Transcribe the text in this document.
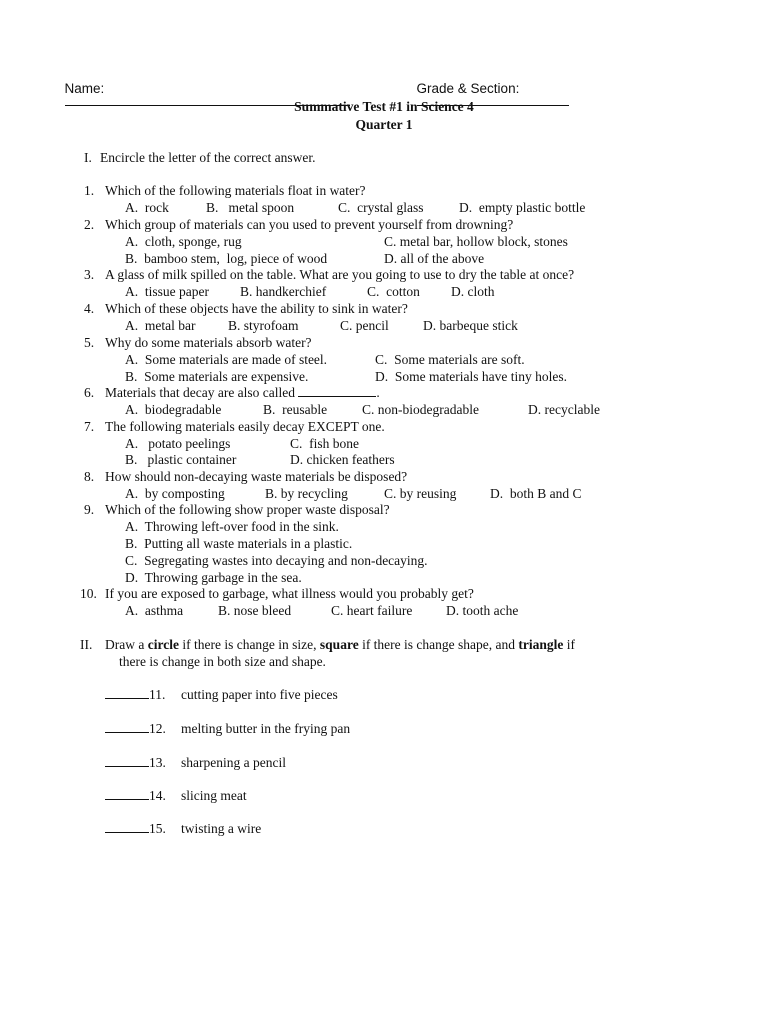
Name:
	Grade & Section:

Summative Test #1 in Science 4
Quarter 1
I. Encircle the letter of the correct answer.
1. Which of the following materials float in water?
A.  rock	B.   metal spoon	C.  crystal glass	D.  empty plastic bottle
2. Which group of materials can you used to prevent yourself from drowning?
A.  cloth, sponge, rug	C. metal bar, hollow block, stones
B.  bamboo stem,  log, piece of wood	D. all of the above
3. A glass of milk spilled on the table. What are you going to use to dry the table at once?
A.  tissue paper B. handkerchief	C.  cotton D. cloth
4. Which of these objects have the ability to sink in water?
A.  metal bar B. styrofoam	C. pencil	D. barbeque stick
5. Why do some materials absorb water?
A.  Some materials are made of steel.	C.  Some materials are soft.
B.  Some materials are expensive.	D.  Some materials have tiny holes.
6. Materials that decay are also called	.
A.  biodegradable	B.  reusable	C. non-biodegradable	D. recyclable
7. The following materials easily decay EXCEPT one.
A.   potato peelings	C.  fish bone
B.   plastic container	D. chicken feathers
8. How should non-decaying waste materials be disposed?
A.  by composting	B. by recycling	C. by reusing D.  both B and C
9. Which of the following show proper waste disposal?
A.  Throwing left-over food in the sink.
B.  Putting all waste materials in a plastic.
C.  Segregating wastes into decaying and non-decaying.
D.  Throwing garbage in the sea.
10. If you are exposed to garbage, what illness would you probably get?
A.  asthma	B. nose bleed	C. heart failure D. tooth ache
II. Draw a circle if there is change in size, square if there is change shape, and triangle if
there is change in both size and shape.
11. cutting paper into five pieces
12. melting butter in the frying pan
13. sharpening a pencil
14. slicing meat
15. twisting a wire
